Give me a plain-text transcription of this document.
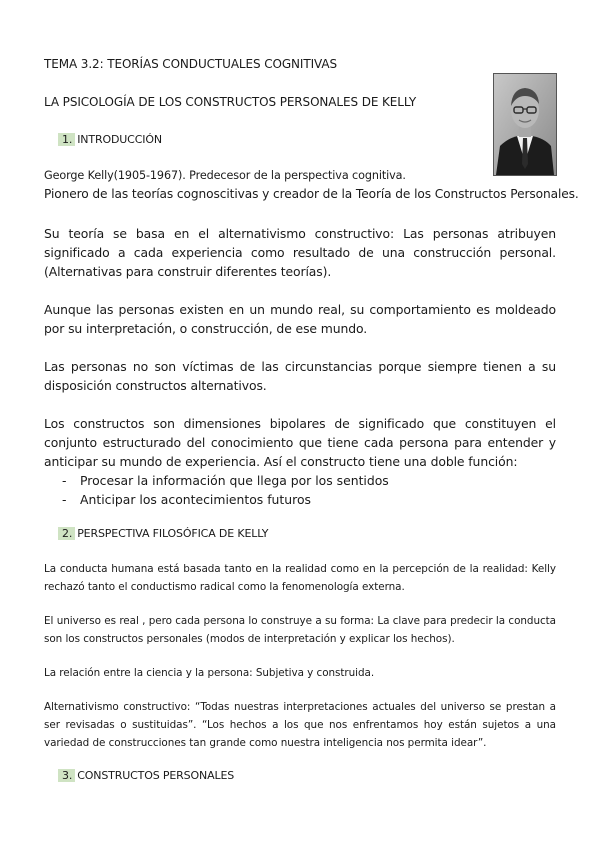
TEMA 3.2: TEORÍAS CONDUCTUALES COGNITIVAS
LA PSICOLOGÍA DE LOS CONSTRUCTOS PERSONALES DE KELLY
1. INTRODUCCIÓN
George Kelly(1905-1967). Predecesor de la perspectiva cognitiva.
Pionero de las teorías cognoscitivas y creador de la Teoría de los Constructos Personales.
Su teoría se basa en el alternativismo constructivo: Las personas atribuyen significado a cada experiencia como resultado de una construcción personal. (Alternativas para construir diferentes teorías).
Aunque las personas existen en un mundo real, su comportamiento es moldeado por su interpretación, o construcción, de ese mundo.
Las personas no son víctimas de las circunstancias porque siempre tienen a su disposición constructos alternativos.
Los constructos son dimensiones bipolares de significado que constituyen el conjunto estructurado del conocimiento que tiene cada persona para entender y anticipar su mundo de experiencia. Así el constructo tiene una doble función:
- Procesar la información que llega por los sentidos
- Anticipar los acontecimientos futuros
2. PERSPECTIVA FILOSÓFICA DE KELLY
La conducta humana está basada tanto en la realidad como en la percepción de la realidad: Kelly rechazó tanto el conductismo radical como la fenomenología externa.
El universo es real , pero cada persona lo construye a su forma: La clave para predecir la conducta son los constructos personales (modos de interpretación y explicar los hechos).
La relación entre la ciencia y la persona: Subjetiva y construida.
Alternativismo constructivo: “Todas nuestras interpretaciones actuales del universo se prestan a ser revisadas o sustituidas”. “Los hechos a los que nos enfrentamos hoy están sujetos a una variedad de construcciones tan grande como nuestra inteligencia nos permita idear”.
3. CONSTRUCTOS PERSONALES
